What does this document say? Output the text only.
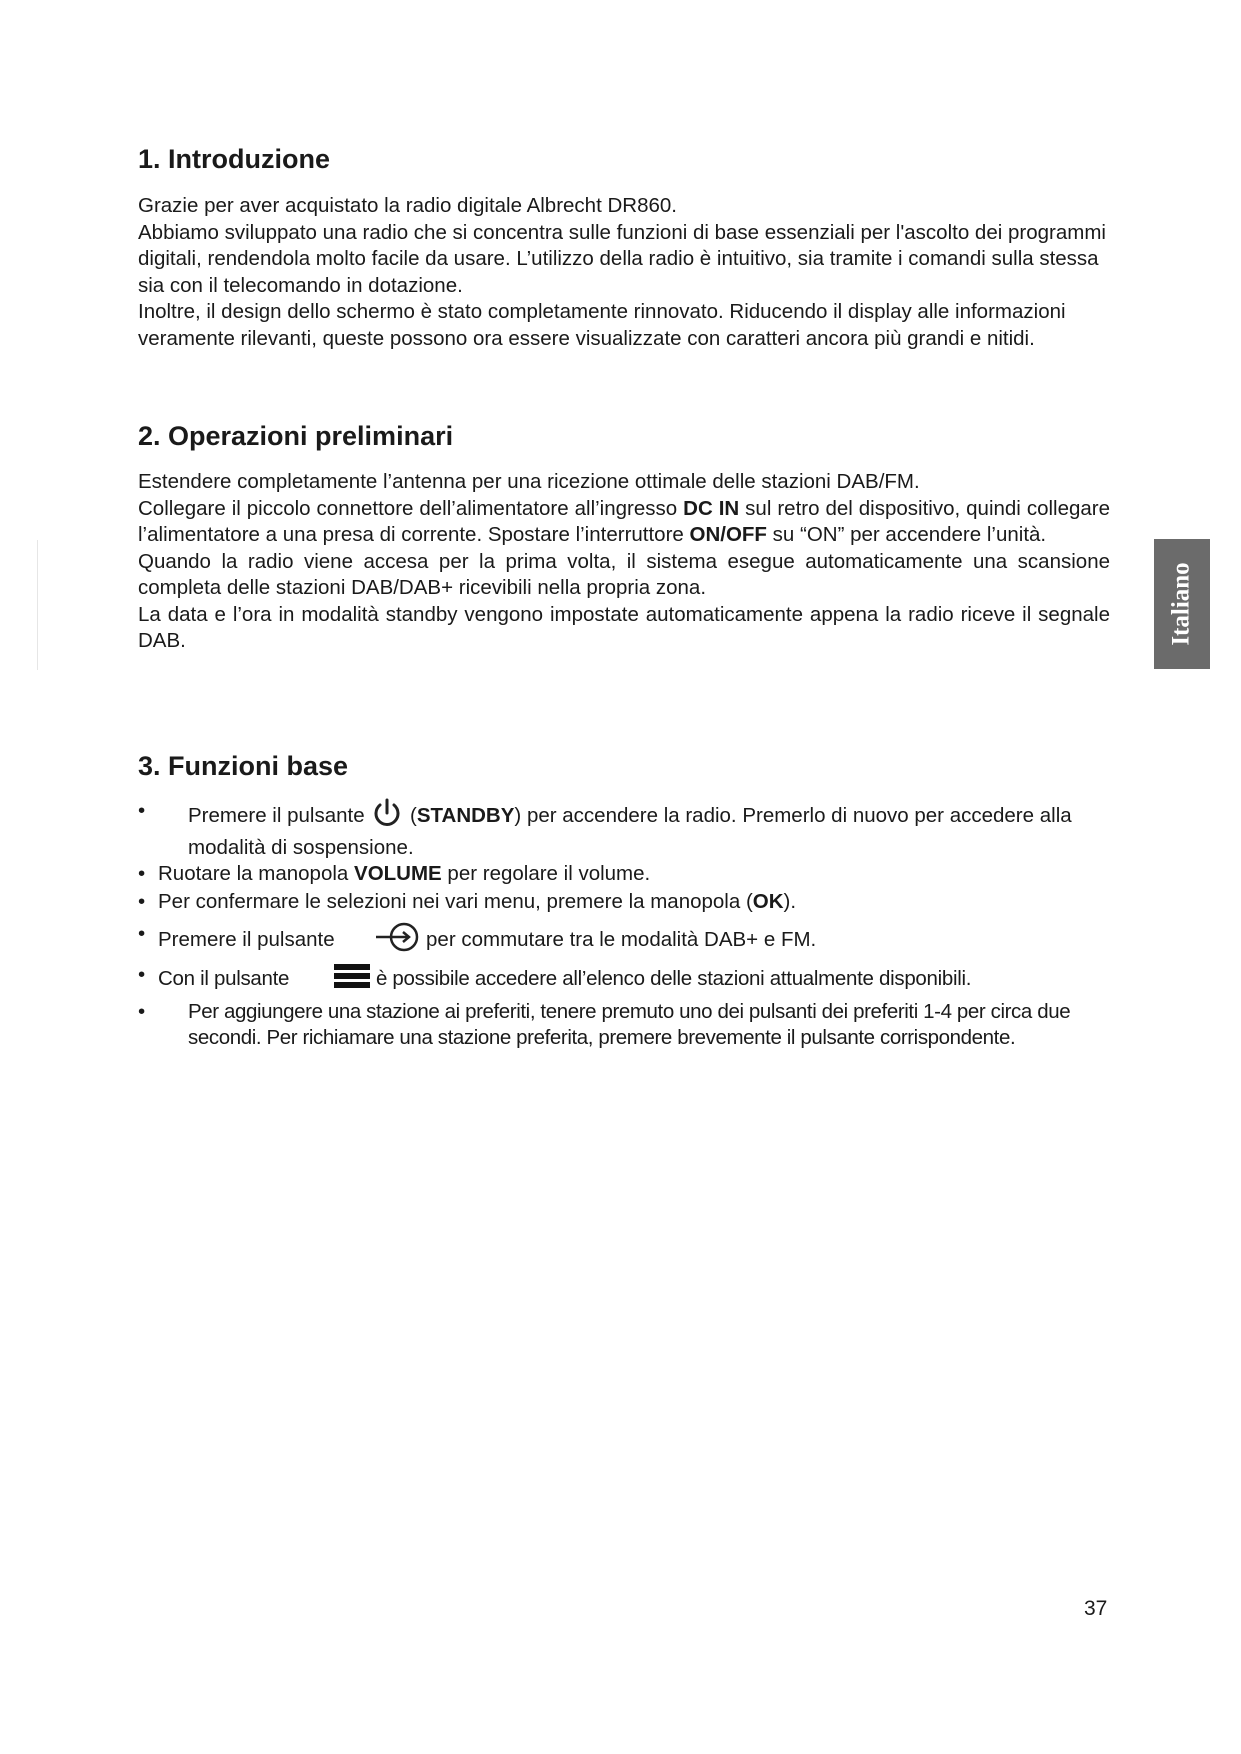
1. Introduzione

Grazie per aver acquistato la radio digitale Albrecht DR860.

Abbiamo sviluppato una radio che si concentra sulle funzioni di base essenziali per l'ascolto dei programmi digitali, rendendola molto facile da usare. L’utilizzo della radio è intuitivo, sia tramite i comandi sulla stessa sia con il telecomando in dotazione.

Inoltre, il design dello schermo è stato completamente rinnovato. Riducendo il display alle informazioni veramente rilevanti, queste possono ora essere visualizzate con caratteri ancora più grandi e nitidi.

2. Operazioni preliminari

Estendere completamente l’antenna per una ricezione ottimale delle stazioni DAB/FM.

Collegare il piccolo connettore dell’alimentatore all’ingresso DC IN sul retro del dispositivo, quindi collegare l’alimentatore a una presa di corrente. Spostare l’interruttore ON/OFF su “ON” per accendere l’unità.

Quando la radio viene accesa per la prima volta, il sistema esegue automaticamente una scansione completa delle stazioni DAB/DAB+ ricevibili nella propria zona.

La data e l’ora in modalità standby vengono impostate automaticamente appena la radio riceve il segnale DAB.

3. Funzioni base
• Premere il pulsante  (STANDBY) per accendere la radio. Premerlo di nuovo per accedere alla modalità di sospensione.
• Ruotare la manopola VOLUME per regolare il volume.
• Per confermare le selezioni nei vari menu, premere la manopola (OK).
• Premere il pulsante	per commutare tra le modalità DAB+ e FM.
• Con il pulsante	è possibile accedere all’elenco delle stazioni attualmente disponibili.
• Per aggiungere una stazione ai preferiti, tenere premuto uno dei pulsanti dei preferiti 1-4 per circa due secondi. Per richiamare una stazione preferita, premere brevemente il pulsante corrispondente.
Italiano
37
